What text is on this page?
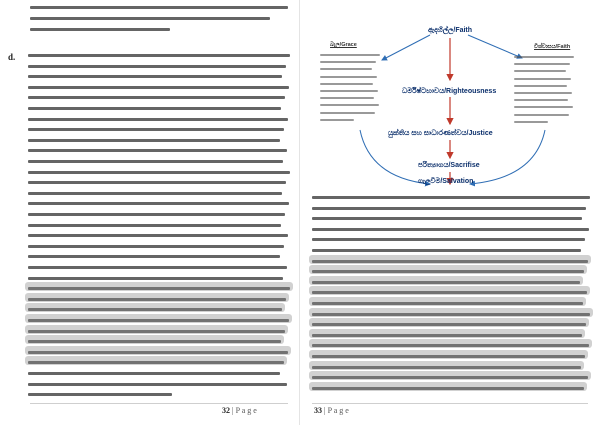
d.
32 | P a g e
ඇදහිල්ල/Faith
බැල/Grace	විශ්වාසය/Faith
ධර්මිෂ්ටභාවය/Righteousness
යුක්තිය සහ සාධාරණත්වය/Justice
පරිත්‍යාගය/Sacrifise
ගැලවීම/Salvation
33 | P a g e
